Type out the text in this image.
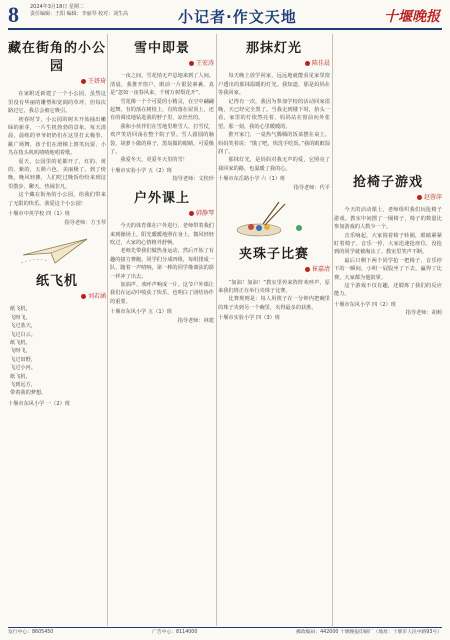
8 2024年3月18日 星期二
责任编辑：王阳 编辑：李丽琴 校对：刘生高	小记者·作文天地	十堰晚报
藏在街角的小公园
王妍琦

在家附近新建了一个小公园，虽然这里没有华丽的雕塑和宽阔的草坪，但每次路过它，我总会被它吸引。

初春时节，小公园的树木开始抽出嫩绿的新芽，一片生机勃勃的景象。每天清晨，晨练的爷爷奶奶们在这里打太极拳、跳广场舞，孩子们在滑梯上嬉笑玩耍，小鸟在枝头叽叽喳喳地唱着歌。

夏天，公园里的花都开了，红的、黄的、紫的，五颜六色，美丽极了。到了傍晚，晚风轻拂，人们吃过晚饭纷纷来到这里散步、聊天，热闹非凡。

这个藏在街角的小公园，给我们带来了无限的快乐。我爱这个小公园！

十堰市中英学校 四（1）班
指导老师：方玉琴
纸飞机
刘若涵

纸飞机，

飞呀飞，

飞过蓝天，

飞过白云。

纸飞机，

飞呀飞，

飞过田野，

飞过小河。

纸飞机，

飞到远方，

带着我的梦想。

十堰市东风小学 一（2）班
雪中即景
王宏涛

一夜之间，雪花悄无声息地来到了人间。清晨，我推开窗户，眼前一片银装素裹，真是“忽如一夜春风来，千树万树梨花开”。

雪花像一个个可爱的小精灵，在空中翩翩起舞，有的落在树枝上，有的落在屋顶上，还有的调皮地钻进我的脖子里，凉丝丝的。

我和小伙伴们在雪地里堆雪人、打雪仗，欢声笑语回荡在整个院子里。雪人圆圆的脑袋，胡萝卜做的鼻子，黑炭做的眼睛，可爱极了。

我爱冬天，更爱冬天里的雪！

十堰市实验小学 五（2）班
指导老师：文桂珍
户外课上
韩静琴

今天的体育课在户外进行，老师带着我们来到操场上。阳光暖暖地照在身上，微风轻轻吹过，大家的心情格外舒畅。

老师先带我们做热身运动，然后开始了有趣的接力赛跑。同学们分成四组，每组排成一队，随着一声哨响，第一棒的同学像离弦的箭一样冲了出去。

加油声、欢呼声响成一片。这节户外课让我们在运动中收获了快乐，也明白了团结协作的重要。

十堰市东风小学 五（1）班
指导老师：林建
那抹灯光
陈佳晨

每天晚上放学回家，远远地就能看见家里窗户透出的那抹温暖的灯光。我知道，那是妈妈在等我回家。

记得有一次，我因为参加学校的活动回家很晚，天已经完全黑了。当我走到楼下时，抬头一看，家里的灯依然亮着，妈妈站在窗前向外张望。那一刻，我的心里暖暖的。

推开家门，一桌热气腾腾的饭菜摆在桌上。妈妈笑着说：“饿了吧，快洗手吃饭。”我的眼眶湿润了。

那抹灯光，是妈妈对我无声的爱，它照亮了我回家的路，也温暖了我的心。

十堰市东岳路小学 六（1）班
指导老师：代平
夹珠子比赛
崔嘉清

“加油！加油！”教室里传来阵阵欢呼声，原来我们班正在举行夹珠子比赛。

比赛规则是：每人用筷子在一分钟内把碗里的珠子夹到另一个碗里，夹得最多的获胜。

十堰市实验小学 四（3）班
抢椅子游戏
赵蓉萍

今天的活动课上，老师组织我们玩抢椅子游戏。教室中间摆了一圈椅子，椅子的数量比参加游戏的人数少一个。

音乐响起，大家围着椅子转圈，眼睛紧紧盯着椅子。音乐一停，大家迅速抢座位，没抢到的同学就被淘汰了。教室里笑声不断。

最后只剩下两个同学抢一把椅子，音乐停下的一瞬间，小明一屁股坐了下去，赢得了比赛。大家都为他鼓掌。

这个游戏不仅有趣，还锻炼了我们的反应能力。

十堰市东风小学 四（2）班
指导老师：胡莉
发行中心：8605450	广告中心：8114000	郵政编码：442000 十堰晚报印刷厂（地址：十堰市人民中路93号）
